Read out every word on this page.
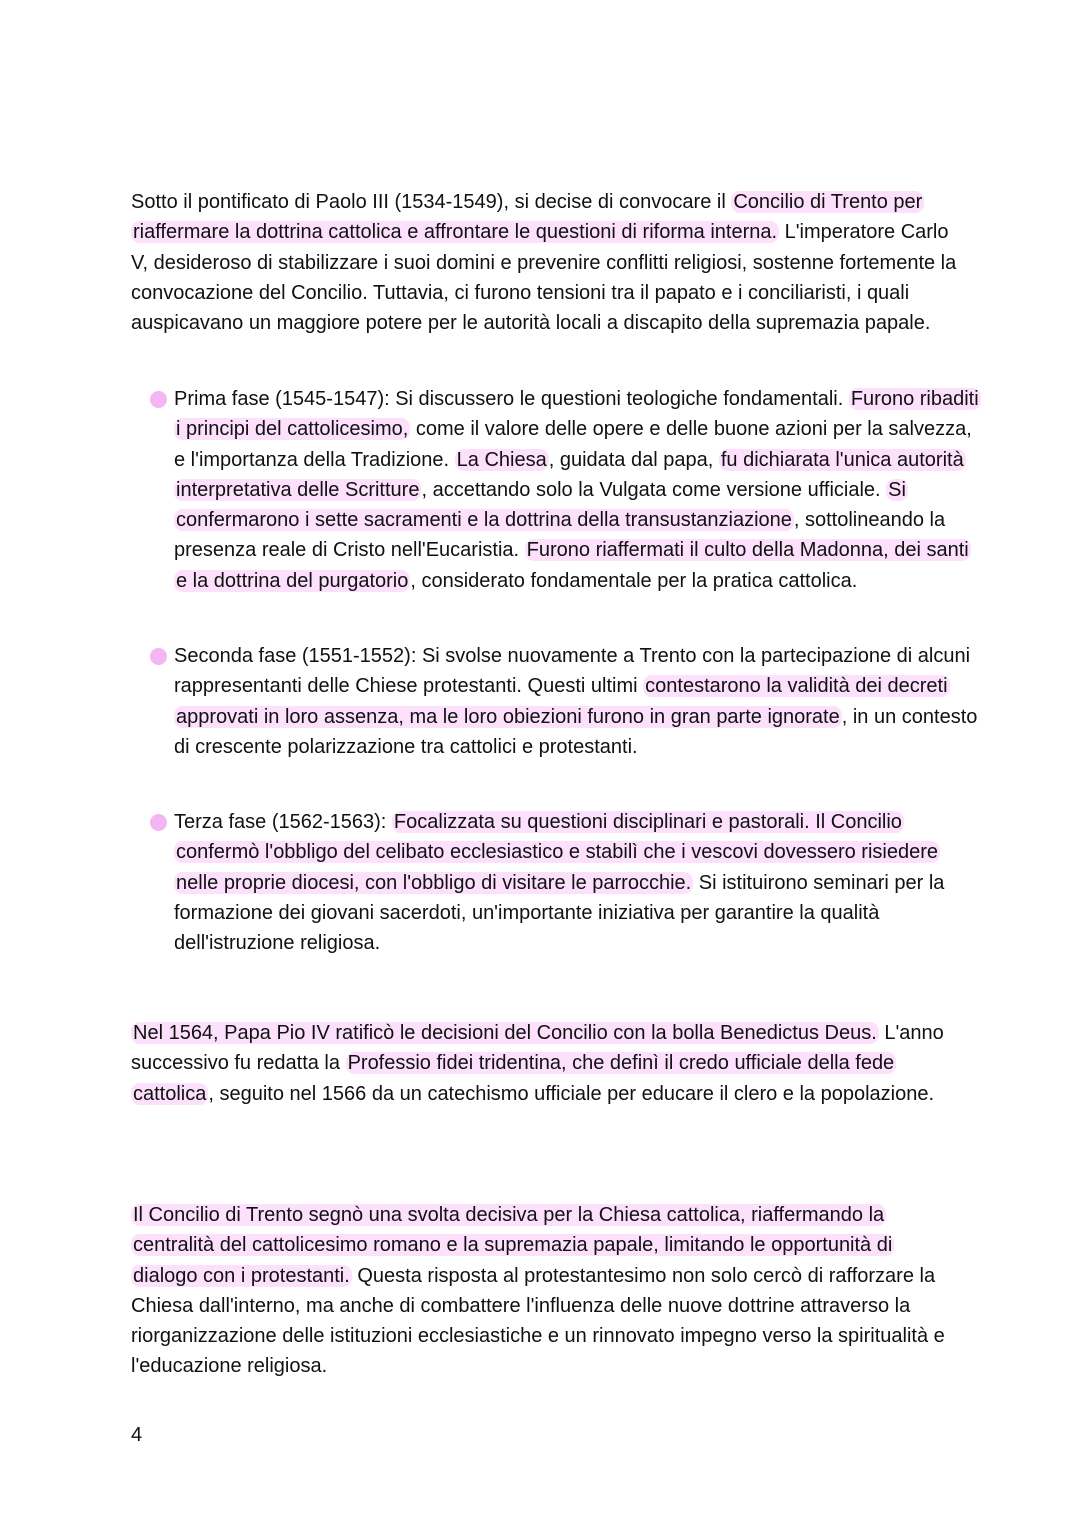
Sotto il pontificato di Paolo III (1534-1549), si decise di convocare il Concilio di Trento per riaffermare la dottrina cattolica e affrontare le questioni di riforma interna. L'imperatore Carlo V, desideroso di stabilizzare i suoi domini e prevenire conflitti religiosi, sostenne fortemente la convocazione del Concilio. Tuttavia, ci furono tensioni tra il papato e i conciliaristi, i quali auspicavano un maggiore potere per le autorità locali a discapito della supremazia papale.

Prima fase (1545-1547): Si discussero le questioni teologiche fondamentali. Furono ribaditi i principi del cattolicesimo, come il valore delle opere e delle buone azioni per la salvezza, e l'importanza della Tradizione. La Chiesa , guidata dal papa, fu dichiarata l'unica autorità interpretativa delle Scritture , accettando solo la Vulgata come versione ufficiale. Si confermarono i sette sacramenti e la dottrina della transustanziazione , sottolineando la presenza reale di Cristo nell'Eucaristia. Furono riaffermati il culto della Madonna, dei santi e la dottrina del purgatorio , considerato fondamentale per la pratica cattolica.
Seconda fase (1551-1552): Si svolse nuovamente a Trento con la partecipazione di alcuni rappresentanti delle Chiese protestanti. Questi ultimi contestarono la validità dei decreti approvati in loro assenza, ma le loro obiezioni furono in gran parte ignorate , in un contesto di crescente polarizzazione tra cattolici e protestanti.
Terza fase (1562-1563): Focalizzata su questioni disciplinari e pastorali. Il Concilio confermò l'obbligo del celibato ecclesiastico e stabilì che i vescovi dovessero risiedere nelle proprie diocesi, con l'obbligo di visitare le parrocchie. Si istituirono seminari per la formazione dei giovani sacerdoti, un'importante iniziativa per garantire la qualità dell'istruzione religiosa.

Nel 1564, Papa Pio IV ratificò le decisioni del Concilio con la bolla Benedictus Deus. L'anno successivo fu redatta la Professio fidei tridentina, che definì il credo ufficiale della fede cattolica , seguito nel 1566 da un catechismo ufficiale per educare il clero e la popolazione.

Il Concilio di Trento segnò una svolta decisiva per la Chiesa cattolica, riaffermando la centralità del cattolicesimo romano e la supremazia papale, limitando le opportunità di dialogo con i protestanti. Questa risposta al protestantesimo non solo cercò di rafforzare la Chiesa dall'interno, ma anche di combattere l'influenza delle nuove dottrine attraverso la riorganizzazione delle istituzioni ecclesiastiche e un rinnovato impegno verso la spiritualità e l'educazione religiosa.

4
